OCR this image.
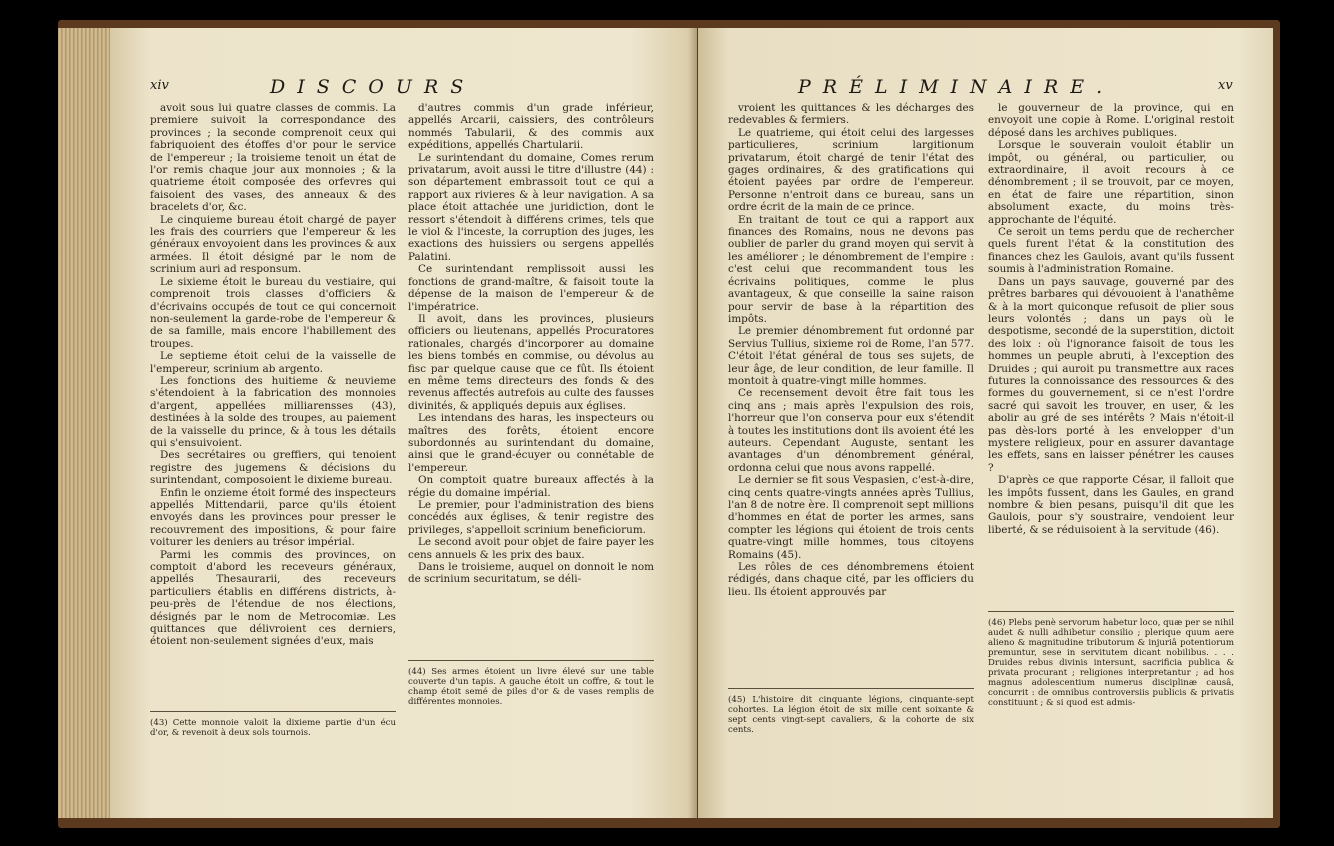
xiv	DISCOURS

avoit sous lui quatre classes de commis. La premiere suivoit la correspondance des provinces ; la seconde comprenoit ceux qui fabriquoient des étoffes d'or pour le service de l'empereur ; la troisieme tenoit un état de l'or remis chaque jour aux monnoies ; & la quatrieme étoit composée des orfevres qui faisoient des vases, des anneaux & des bracelets d'or, &c.

Le cinquieme bureau étoit chargé de payer les frais des courriers que l'empereur & les généraux envoyoient dans les provinces & aux armées. Il étoit désigné par le nom de scrinium auri ad responsum.

Le sixieme étoit le bureau du vestiaire, qui comprenoit trois classes d'officiers & d'écrivains occupés de tout ce qui concernoit non-seulement la garde-robe de l'empereur & de sa famille, mais encore l'habillement des troupes.

Le septieme étoit celui de la vaisselle de l'empereur, scrinium ab argento.

Les fonctions des huitieme & neuvieme s'étendoient à la fabrication des monnoies d'argent, appellées milliarensses (43), destinées à la solde des troupes, au paiement de la vaisselle du prince, & à tous les détails qui s'ensuivoient.

Des secrétaires ou greffiers, qui tenoient registre des jugemens & décisions du surintendant, composoient le dixieme bureau.

Enfin le onzieme étoit formé des inspecteurs appellés Mittendarii, parce qu'ils étoient envoyés dans les provinces pour presser le recouvrement des impositions, & pour faire voiturer les deniers au trésor impérial.

Parmi les commis des provinces, on comptoit d'abord les receveurs généraux, appellés Thesaurarii, des receveurs particuliers établis en différens districts, à-peu-près de l'étendue de nos élections, désignés par le nom de Metrocomiæ. Les quittances que délivroient ces derniers, étoient non-seulement signées d'eux, mais

(43) Cette monnoie valoit la dixieme partie d'un écu d'or, & revenoit à deux sols tournois.

d'autres commis d'un grade inférieur, appellés Arcarii, caissiers, des contrôleurs nommés Tabularii, & des commis aux expéditions, appellés Chartularii.

Le surintendant du domaine, Comes rerum privatarum, avoit aussi le titre d'illustre (44) : son département embrassoit tout ce qui a rapport aux rivieres & à leur navigation. A sa place étoit attachée une juridiction, dont le ressort s'étendoit à différens crimes, tels que le viol & l'inceste, la corruption des juges, les exactions des huissiers ou sergens appellés Palatini.

Ce surintendant remplissoit aussi les fonctions de grand-maître, & faisoit toute la dépense de la maison de l'empereur & de l'impératrice.

Il avoit, dans les provinces, plusieurs officiers ou lieutenans, appellés Procuratores rationales, chargés d'incorporer au domaine les biens tombés en commise, ou dévolus au fisc par quelque cause que ce fût. Ils étoient en même tems directeurs des fonds & des revenus affectés autrefois au culte des fausses divinités, & appliqués depuis aux églises.

Les intendans des haras, les inspecteurs ou maîtres des forêts, étoient encore subordonnés au surintendant du domaine, ainsi que le grand-écuyer ou connétable de l'empereur.

On comptoit quatre bureaux affectés à la régie du domaine impérial.

Le premier, pour l'administration des biens concédés aux églises, & tenir registre des privileges, s'appelloit scrinium beneficiorum.

Le second avoit pour objet de faire payer les cens annuels & les prix des baux.

Dans le troisieme, auquel on donnoit le nom de scrinium securitatum, se déli-

(44) Ses armes étoient un livre élevé sur une table couverte d'un tapis. A gauche étoit un coffre, & tout le champ étoit semé de piles d'or & de vases remplis de différentes monnoies.
PRÉLIMINAIRE.	xv

vroient les quittances & les décharges des redevables & fermiers.

Le quatrieme, qui étoit celui des largesses particulieres, scrinium largitionum privatarum, étoit chargé de tenir l'état des gages ordinaires, & des gratifications qui étoient payées par ordre de l'empereur. Personne n'entroit dans ce bureau, sans un ordre écrit de la main de ce prince.

En traitant de tout ce qui a rapport aux finances des Romains, nous ne devons pas oublier de parler du grand moyen qui servit à les améliorer ; le dénombrement de l'empire : c'est celui que recommandent tous les écrivains politiques, comme le plus avantageux, & que conseille la saine raison pour servir de base à la répartition des impôts.

Le premier dénombrement fut ordonné par Servius Tullius, sixieme roi de Rome, l'an 577. C'étoit l'état général de tous ses sujets, de leur âge, de leur condition, de leur famille. Il montoit à quatre-vingt mille hommes.

Ce recensement devoit être fait tous les cinq ans ; mais après l'expulsion des rois, l'horreur que l'on conserva pour eux s'étendit à toutes les institutions dont ils avoient été les auteurs. Cependant Auguste, sentant les avantages d'un dénombrement général, ordonna celui que nous avons rappellé.

Le dernier se fit sous Vespasien, c'est-à-dire, cinq cents quatre-vingts années après Tullius, l'an 8 de notre ère. Il comprenoit sept millions d'hommes en état de porter les armes, sans compter les légions qui étoient de trois cents quatre-vingt mille hommes, tous citoyens Romains (45).

Les rôles de ces dénombremens étoient rédigés, dans chaque cité, par les officiers du lieu. Ils étoient approuvés par

(45) L'histoire dit cinquante légions, cinquante-sept cohortes. La légion étoit de six mille cent soixante & sept cents vingt-sept cavaliers, & la cohorte de six cents.

le gouverneur de la province, qui en envoyoit une copie à Rome. L'original restoit déposé dans les archives publiques.

Lorsque le souverain vouloit établir un impôt, ou général, ou particulier, ou extraordinaire, il avoit recours à ce dénombrement ; il se trouvoit, par ce moyen, en état de faire une répartition, sinon absolument exacte, du moins très-approchante de l'équité.

Ce seroit un tems perdu que de rechercher quels furent l'état & la constitution des finances chez les Gaulois, avant qu'ils fussent soumis à l'administration Romaine.

Dans un pays sauvage, gouverné par des prêtres barbares qui dévouoient à l'anathême & à la mort quiconque refusoit de plier sous leurs volontés ; dans un pays où le despotisme, secondé de la superstition, dictoit des loix : où l'ignorance faisoit de tous les hommes un peuple abruti, à l'exception des Druides ; qui auroit pu transmettre aux races futures la connoissance des ressources & des formes du gouvernement, si ce n'est l'ordre sacré qui savoit les trouver, en user, & les abolir au gré de ses intérêts ? Mais n'étoit-il pas dès-lors porté à les envelopper d'un mystere religieux, pour en assurer davantage les effets, sans en laisser pénétrer les causes ?

D'après ce que rapporte César, il falloit que les impôts fussent, dans les Gaules, en grand nombre & bien pesans, puisqu'il dit que les Gaulois, pour s'y soustraire, vendoient leur liberté, & se réduisoient à la servitude (46).

(46) Plebs penè servorum habetur loco, quæ per se nihil audet & nulli adhibetur consilio ; plerique quum aere alieno & magnitudine tributorum & injuriâ potentiorum premuntur, sese in servitutem dicant nobilibus. . . . Druides rebus divinis intersunt, sacrificia publica & privata procurant ; religiones interpretantur ; ad hos magnus adolescentium numerus disciplinæ causâ, concurrit : de omnibus controversiis publicis & privatis constituunt ; & si quod est admis-
